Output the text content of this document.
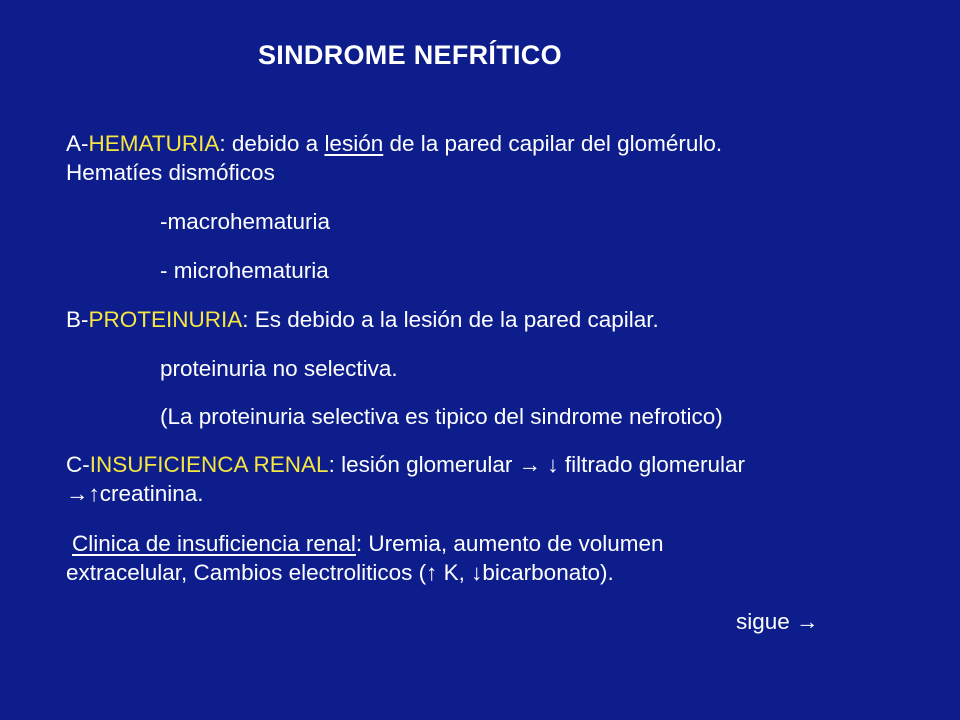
SINDROME NEFRÍTICO
A-HEMATURIA: debido a lesión de la pared capilar del glomérulo.
Hematíes dismóficos
-macrohematuria
- microhematuria
B-PROTEINURIA: Es debido a la lesión de la pared capilar.
proteinuria no selectiva.
(La proteinuria selectiva es tipico del sindrome nefrotico)
C-INSUFICIENCA RENAL: lesión glomerular → ↓ filtrado glomerular
→↑creatinina.
Clinica de insuficiencia renal: Uremia, aumento de volumen
extracelular, Cambios electroliticos (↑ K, ↓bicarbonato).
sigue →
